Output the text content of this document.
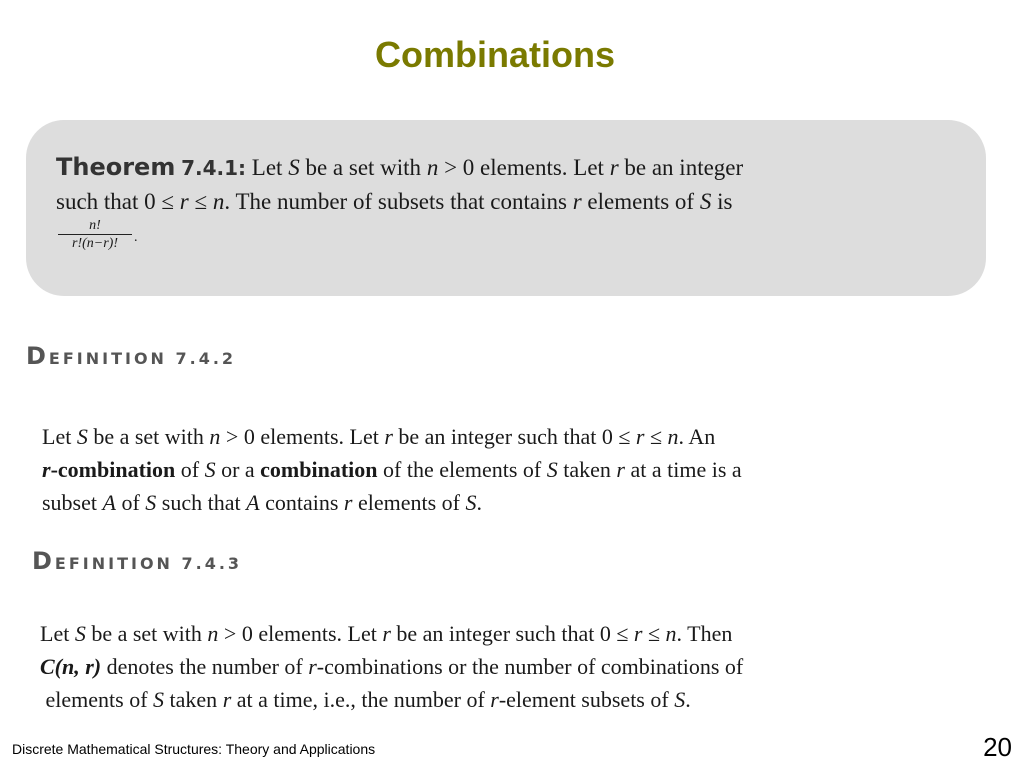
Combinations
Theorem 7.4.1: Let S be a set with n > 0 elements. Let r be an integer
such that 0 ≤ r ≤ n. The number of subsets that contains r elements of S is
$\frac{n!}{r!(n-r)!}$ .
DEFINITION 7.4.2
Let S be a set with n > 0 elements. Let r be an integer such that 0 ≤ r ≤ n. An
r-combination of S or a combination of the elements of S taken r at a time is a
subset A of S such that A contains r elements of S.
DEFINITION 7.4.3
Let S be a set with n > 0 elements. Let r be an integer such that 0 ≤ r ≤ n. Then
C(n, r) denotes the number of r-combinations or the number of combinations of
elements of S taken r at a time, i.e., the number of r-element subsets of S.
Discrete Mathematical Structures: Theory and Applications	20
